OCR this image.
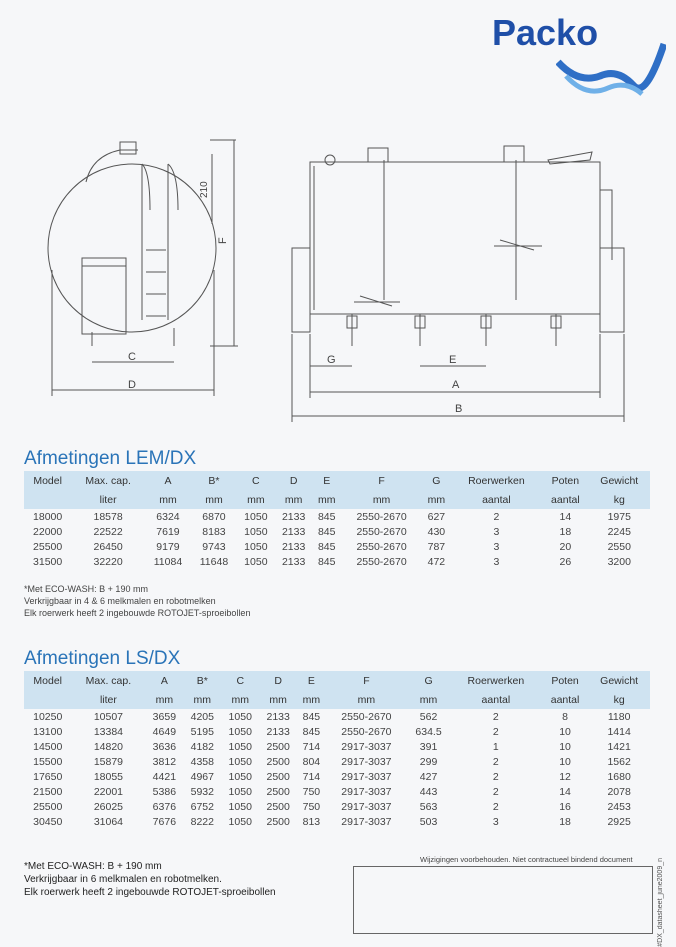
Packo
C
D
F
210
G	E
A
B
Afmetingen LEM/DX
Model	Max. cap.	A	B*	C	D	E	F	G	Roerwerken	Poten	Gewicht
	liter	mm	mm	mm	mm	mm	mm	mm	aantal	aantal	kg
18000	18578	6324	6870	1050	2133	845	2550-2670	627	2	14	1975
22000	22522	7619	8183	1050	2133	845	2550-2670	430	3	18	2245
25500	26450	9179	9743	1050	2133	845	2550-2670	787	3	20	2550
31500	32220	11084	11648	1050	2133	845	2550-2670	472	3	26	3200
*Met ECO-WASH: B + 190 mm
Verkrijgbaar in 4 & 6 melkmalen en robotmelken
Elk roerwerk heeft 2 ingebouwde ROTOJET-sproeibollen
Afmetingen LS/DX
Model	Max. cap.	A	B*	C	D	E	F	G	Roerwerken	Poten	Gewicht
	liter	mm	mm	mm	mm	mm	mm	mm	aantal	aantal	kg
10250	10507	3659	4205	1050	2133	845	2550-2670	562	2	8	1180
13100	13384	4649	5195	1050	2133	845	2550-2670	634.5	2	10	1414
14500	14820	3636	4182	1050	2500	714	2917-3037	391	1	10	1421
15500	15879	3812	4358	1050	2500	804	2917-3037	299	2	10	1562
17650	18055	4421	4967	1050	2500	714	2917-3037	427	2	12	1680
21500	22001	5386	5932	1050	2500	750	2917-3037	443	2	14	2078
25500	26025	6376	6752	1050	2500	750	2917-3037	563	2	16	2453
30450	31064	7676	8222	1050	2500	813	2917-3037	503	3	18	2925
*Met ECO-WASH: B + 190 mm
Verkrijgbaar in 6 melkmalen en robotmelken.
Elk roerwerk heeft 2 ingebouwde ROTOJET-sproeibollen
Wijzigingen voorbehouden. Niet contractueel bindend document	#DX_datasheet_june2009_n
